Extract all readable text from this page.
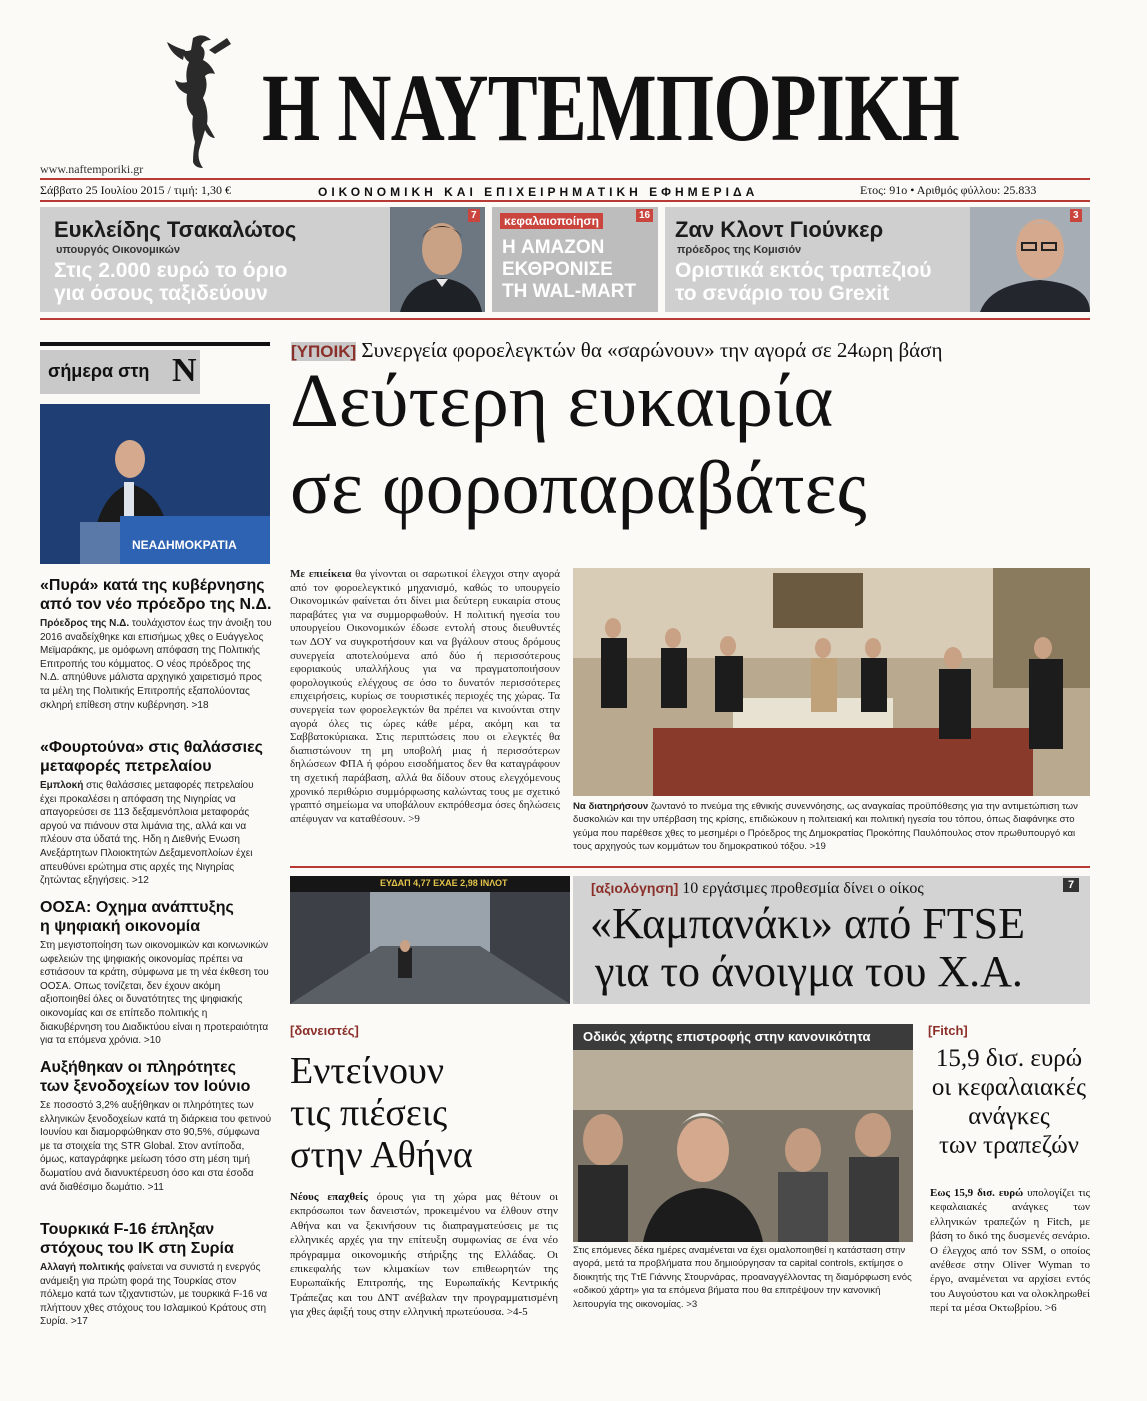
Η ΝΑΥΤΕΜΠΟΡΙΚΗ
www.naftemporiki.gr
Σάββατο 25 Ιουλίου 2015 / τιμή: 1,30 €	ΟΙΚΟΝΟΜΙΚΗ ΚΑΙ ΕΠΙΧΕΙΡΗΜΑΤΙΚΗ ΕΦΗΜΕΡΙΔΑ	Ετος: 91ο • Αριθμός φύλλου: 25.833
Ευκλείδης Τσακαλώτος
υπουργός Οικονομικών
Στις 2.000 ευρώ το όριο
για όσους ταξιδεύουν
7	κεφαλαιοποίηση
Η AMAZON
ΕΚΘΡΟΝΙΣΕ
ΤΗ WAL-MART
16
Ζαν Κλοντ Γιούνκερ
πρόεδρος της Κομισιόν
Οριστικά εκτός τραπεζιού
το σενάριο του Grexit
3
σήμερα στη N
ΝΕΑΔΗΜΟΚΡΑΤΙΑ
«Πυρά» κατά της κυβέρνησης
από τον νέο πρόεδρο της Ν.Δ.
Πρόεδρος της Ν.Δ. τουλάχιστον έως την άνοιξη του 2016 αναδείχθηκε και επισήμως χθες ο Ευάγγελος Μεϊμαράκης, με ομόφωνη απόφαση της Πολιτικής Επιτροπής του κόμματος. Ο νέος πρόεδρος της Ν.Δ. απηύθυνε μάλιστα αρχηγικό χαιρετισμό προς τα μέλη της Πολιτικής Επιτροπής εξαπολύοντας σκληρή επίθεση στην κυβέρνηση. >18
«Φουρτούνα» στις θαλάσσιες
μεταφορές πετρελαίου
Εμπλοκή στις θαλάσσιες μεταφορές πετρελαίου έχει προκαλέσει η απόφαση της Νιγηρίας να απαγορεύσει σε 113 δεξαμενόπλοια μεταφοράς αργού να πιάνουν στα λιμάνια της, αλλά και να πλέουν στα ύδατά της. Ηδη η Διεθνής Ενωση Ανεξάρτητων Πλοιοκτητών Δεξαμενοπλοίων έχει απευθύνει ερώτημα στις αρχές της Νιγηρίας ζητώντας εξηγήσεις. >12
ΟΟΣΑ: Οχημα ανάπτυξης
η ψηφιακή οικονομία
Στη μεγιστοποίηση των οικονομικών και κοινωνικών ωφελειών της ψηφιακής οικονομίας πρέπει να εστιάσουν τα κράτη, σύμφωνα με τη νέα έκθεση του ΟΟΣΑ. Οπως τονίζεται, δεν έχουν ακόμη αξιοποιηθεί όλες οι δυνατότητες της ψηφιακής οικονομίας και σε επίπεδο πολιτικής η διακυβέρνηση του Διαδικτύου είναι η προτεραιότητα για τα επόμενα χρόνια. >10
Αυξήθηκαν οι πληρότητες
των ξενοδοχείων τον Ιούνιο
Σε ποσοστό 3,2% αυξήθηκαν οι πληρότητες των ελληνικών ξενοδοχείων κατά τη διάρκεια του φετινού Ιουνίου και διαμορφώθηκαν στο 90,5%, σύμφωνα με τα στοιχεία της STR Global. Στον αντίποδα, όμως, καταγράφηκε μείωση τόσο στη μέση τιμή δωματίου ανά διανυκτέρευση όσο και στα έσοδα ανά διαθέσιμο δωμάτιο. >11
Τουρκικά F-16 έπληξαν
στόχους του ΙΚ στη Συρία
Αλλαγή πολιτικής φαίνεται να συνιστά η ενεργός ανάμειξη για πρώτη φορά της Τουρκίας στον πόλεμο κατά των τζιχαντιστών, με τουρκικά F-16 να πλήττουν χθες στόχους του Ισλαμικού Κράτους στη Συρία. >17
[ΥΠΟΙΚ] Συνεργεία φοροελεγκτών θα «σαρώνουν» την αγορά σε 24ωρη βάση
Δεύτερη ευκαιρία
σε φοροπαραβάτες
Με επιείκεια θα γίνονται οι σαρωτικοί έλεγχοι στην αγορά από τον φοροελεγκτικό μηχανισμό, καθώς το υπουργείο Οικονομικών φαίνεται ότι δίνει μια δεύτερη ευκαιρία στους παραβάτες για να συμμορφωθούν. Η πολιτική ηγεσία του υπουργείου Οικονομικών έδωσε εντολή στους διευθυντές των ΔΟΥ να συγκροτήσουν και να βγάλουν στους δρόμους συνεργεία αποτελούμενα από δύο ή περισσότερους εφοριακούς υπαλλήλους για να πραγματοποιήσουν φορολογικούς ελέγχους σε όσο το δυνατόν περισσότερες επιχειρήσεις, κυρίως σε τουριστικές περιοχές της χώρας. Τα συνεργεία των φοροελεγκτών θα πρέπει να κινούνται στην αγορά όλες τις ώρες κάθε μέρα, ακόμη και τα Σαββατοκύριακα. Στις περιπτώσεις που οι ελεγκτές θα διαπιστώνουν τη μη υποβολή μιας ή περισσότερων δηλώσεων ΦΠΑ ή φόρου εισοδήματος δεν θα καταγράφουν τη σχετική παράβαση, αλλά θα δίδουν στους ελεγχόμενους χρονικό περιθώριο συμμόρφωσης καλώντας τους με σχετικό γραπτό σημείωμα να υποβάλουν εκπρόθεσμα όσες δηλώσεις απέφυγαν να καταθέσουν. >9
Να διατηρήσουν ζωντανό το πνεύμα της εθνικής συνεννόησης, ως αναγκαίας προϋπόθεσης για την αντιμετώπιση των δυσκολιών και την υπέρβαση της κρίσης, επιδιώκουν η πολιτειακή και πολιτική ηγεσία του τόπου, όπως διαφάνηκε στο γεύμα που παρέθεσε χθες το μεσημέρι ο Πρόεδρος της Δημοκρατίας Προκόπης Παυλόπουλος στον πρωθυπουργό και τους αρχηγούς των κομμάτων του δημοκρατικού τόξου. >19
ΕΥΔΑΠ 4,77 ΕΧΑΕ 2,98 ΙΝΛΟΤ	[αξιολόγηση] 10 εργάσιμες προθεσμία δίνει ο οίκος
«Καμπανάκι» από FTSE
για το άνοιγμα του Χ.Α.
7
[δανειστές]
Εντείνουν
τις πιέσεις
στην Αθήνα
Νέους επαχθείς όρους για τη χώρα μας θέτουν οι εκπρόσωποι των δανειστών, προκειμένου να έλθουν στην Αθήνα και να ξεκινήσουν τις διαπραγματεύσεις με τις ελληνικές αρχές για την επίτευξη συμφωνίας σε ένα νέο πρόγραμμα οικονομικής στήριξης της Ελλάδας. Οι επικεφαλής των κλιμακίων των επιθεωρητών της Ευρωπαϊκής Επιτροπής, της Ευρωπαϊκής Κεντρικής Τράπεζας και του ΔΝΤ ανέβαλαν την προγραμματισμένη για χθες άφιξή τους στην ελληνική πρωτεύουσα. >4-5
Οδικός χάρτης επιστροφής στην κανονικότητα
Στις επόμενες δέκα ημέρες αναμένεται να έχει ομαλοποιηθεί η κατάσταση στην αγορά, μετά τα προβλήματα που δημιούργησαν τα capital controls, εκτίμησε ο διοικητής της ΤτΕ Γιάννης Στουρνάρας, προαναγγέλλοντας τη διαμόρφωση ενός «οδικού χάρτη» για τα επόμενα βήματα που θα επιτρέψουν την κανονική λειτουργία της οικονομίας. >3
[Fitch]
15,9 δισ. ευρώ
οι κεφαλαιακές
ανάγκες
των τραπεζών
Εως 15,9 δισ. ευρώ υπολογίζει τις κεφαλαιακές ανάγκες των ελληνικών τραπεζών η Fitch, με βάση το δικό της δυσμενές σενάριο. Ο έλεγχος από τον SSM, ο οποίος ανέθεσε στην Oliver Wyman το έργο, αναμένεται να αρχίσει εντός του Αυγούστου και να ολοκληρωθεί περί τα μέσα Οκτωβρίου. >6
